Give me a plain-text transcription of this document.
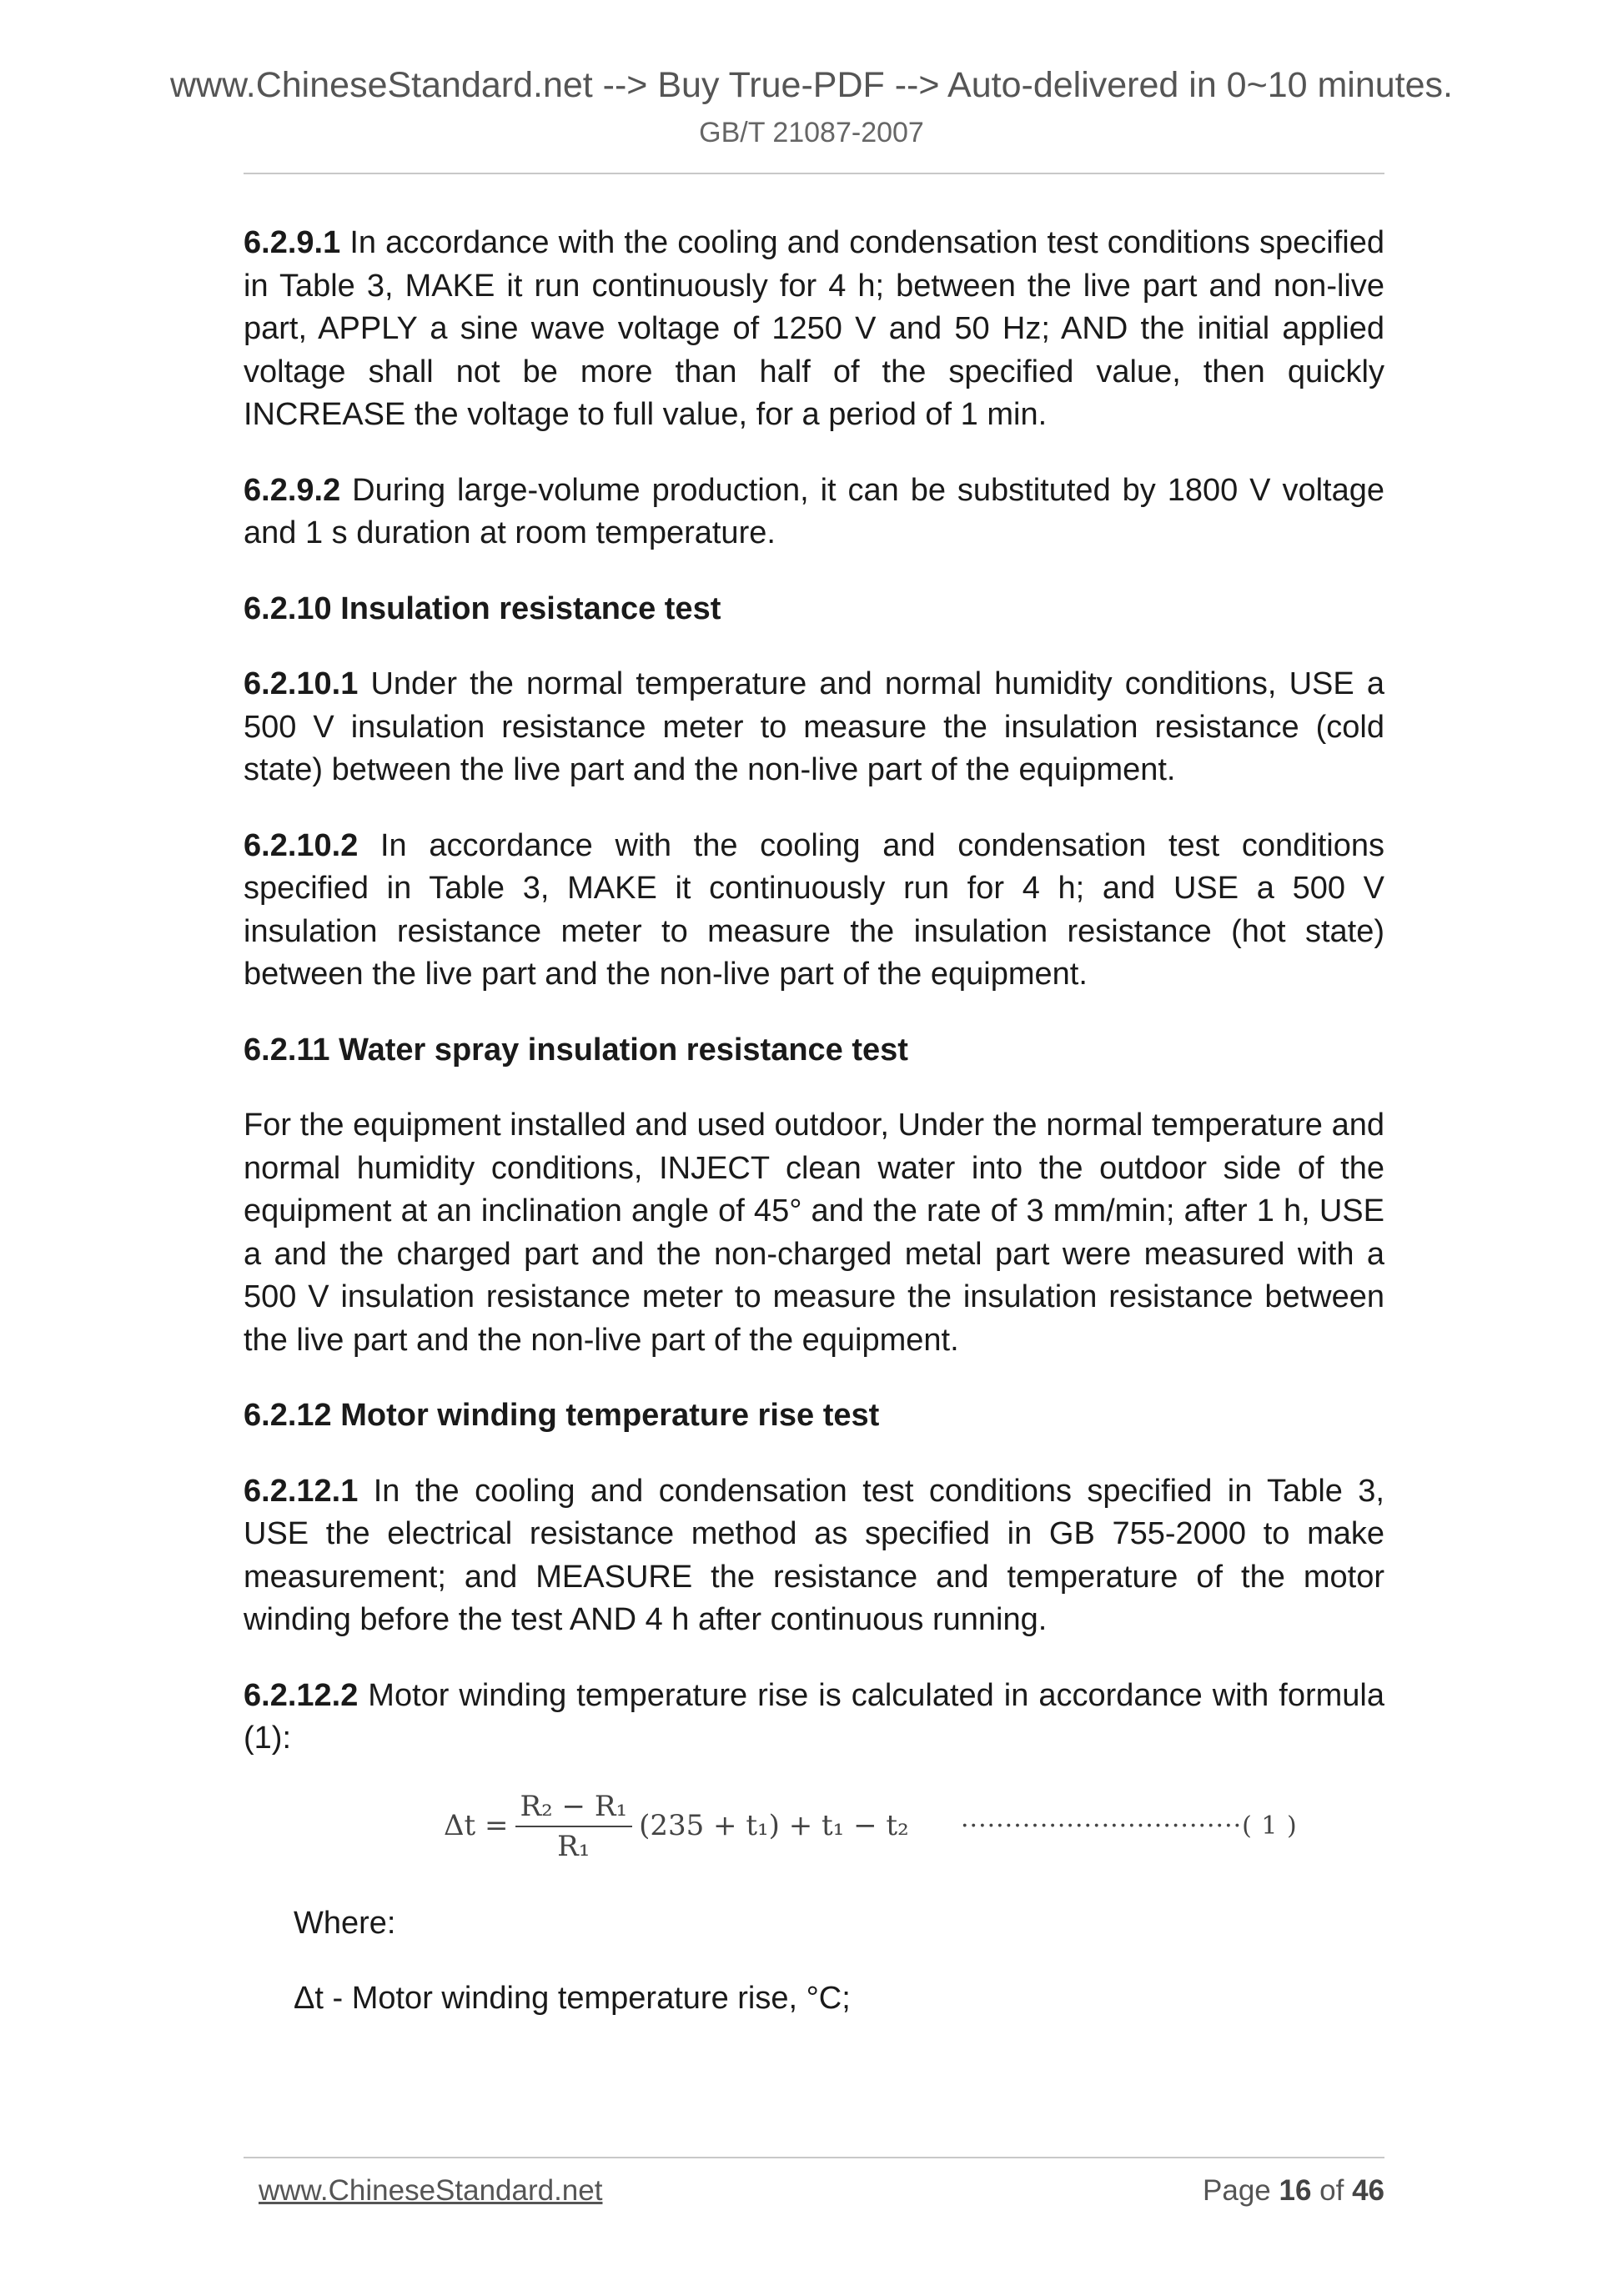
www.ChineseStandard.net --> Buy True-PDF --> Auto-delivered in 0~10 minutes.
GB/T 21087-2007

6.2.9.1 In accordance with the cooling and condensation test conditions specified in Table 3, MAKE it run continuously for 4 h; between the live part and non-live part, APPLY a sine wave voltage of 1250 V and 50 Hz; AND the initial applied voltage shall not be more than half of the specified value, then quickly INCREASE the voltage to full value, for a period of 1 min.

6.2.9.2 During large-volume production, it can be substituted by 1800 V voltage and 1 s duration at room temperature.

6.2.10 Insulation resistance test

6.2.10.1 Under the normal temperature and normal humidity conditions, USE a 500 V insulation resistance meter to measure the insulation resistance (cold state) between the live part and the non-live part of the equipment.

6.2.10.2 In accordance with the cooling and condensation test conditions specified in Table 3, MAKE it continuously run for 4 h; and USE a 500 V insulation resistance meter to measure the insulation resistance (hot state) between the live part and the non-live part of the equipment.

6.2.11 Water spray insulation resistance test

For the equipment installed and used outdoor, Under the normal temperature and normal humidity conditions, INJECT clean water into the outdoor side of the equipment at an inclination angle of 45° and the rate of 3 mm/min; after 1 h, USE a and the charged part and the non-charged metal part were measured with a 500 V insulation resistance meter to measure the insulation resistance between the live part and the non-live part of the equipment.

6.2.12 Motor winding temperature rise test

6.2.12.1 In the cooling and condensation test conditions specified in Table 3, USE the electrical resistance method as specified in GB 755-2000 to make measurement; and MEASURE the resistance and temperature of the motor winding before the test AND 4 h after continuous running.

6.2.12.2 Motor winding temperature rise is calculated in accordance with formula (1):

$\Delta t = \frac{\text{R₂ − R₁}}{\text{R₁}} (235 + t_1) + t_1 - t_2$ ································ ( 1 )

Where:

Δt - Motor winding temperature rise, °C;

www.ChineseStandard.net	Page 16 of 46
